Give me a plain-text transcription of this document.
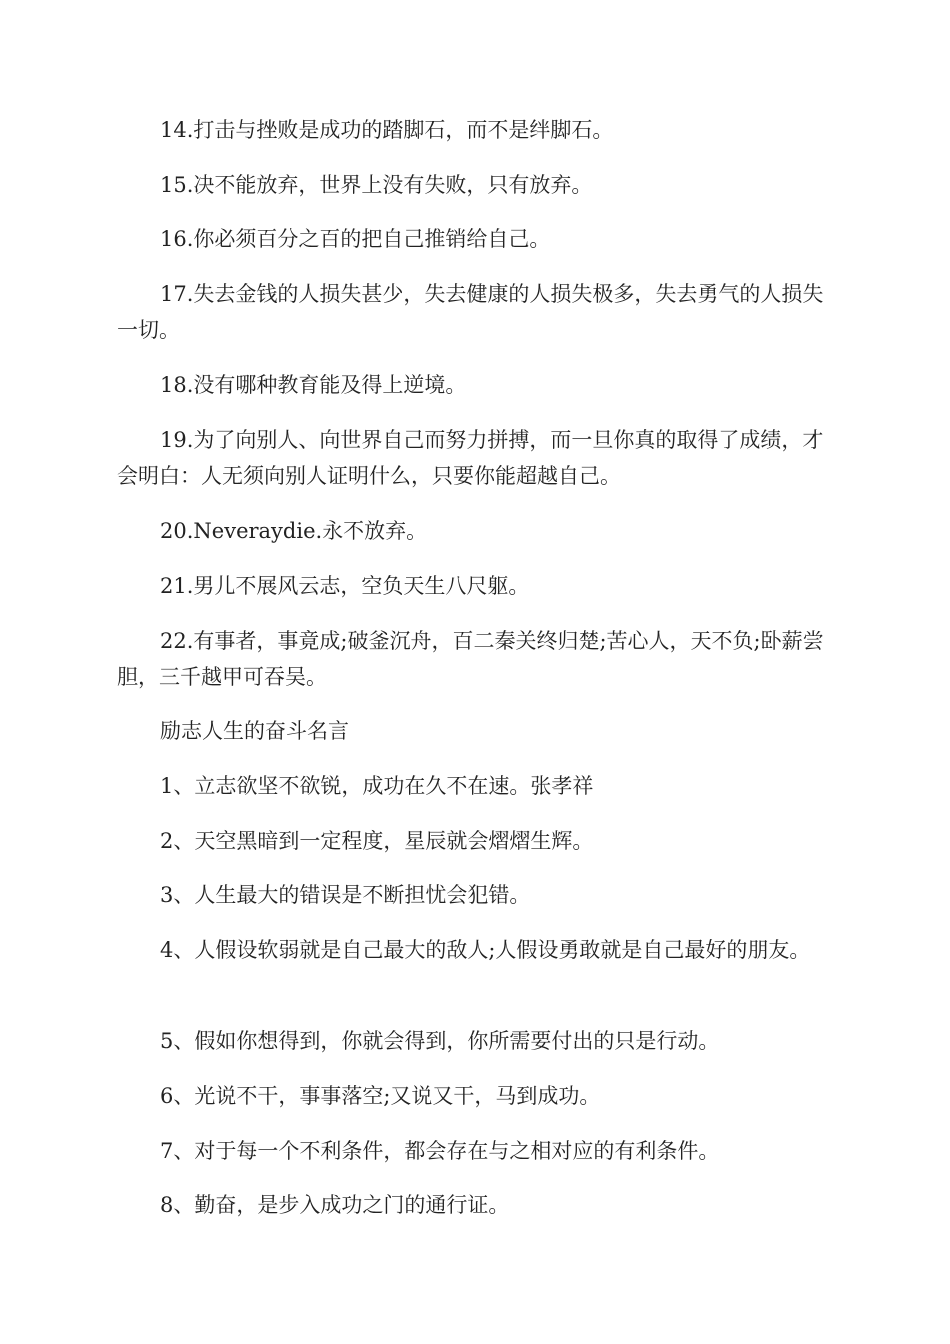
14.打击与挫败是成功的踏脚石，而不是绊脚石。

15.决不能放弃，世界上没有失败，只有放弃。

16.你必须百分之百的把自己推销给自己。

17.失去金钱的人损失甚少，失去健康的人损失极多，失去勇气的人损失一切。

18.没有哪种教育能及得上逆境。

19.为了向别人、向世界自己而努力拼搏，而一旦你真的取得了成绩，才会明白：人无须向别人证明什么，只要你能超越自己。

20.Neveraydie.永不放弃。

21.男儿不展风云志，空负天生八尺躯。

22.有事者，事竟成;破釜沉舟，百二秦关终归楚;苦心人，天不负;卧薪尝胆，三千越甲可吞吴。

励志人生的奋斗名言

1、立志欲坚不欲锐，成功在久不在速。张孝祥

2、天空黑暗到一定程度，星辰就会熠熠生辉。

3、人生最大的错误是不断担忧会犯错。

4、人假设软弱就是自己最大的敌人;人假设勇敢就是自己最好的朋友。

5、假如你想得到，你就会得到，你所需要付出的只是行动。

6、光说不干，事事落空;又说又干，马到成功。

7、对于每一个不利条件，都会存在与之相对应的有利条件。

8、勤奋，是步入成功之门的通行证。
